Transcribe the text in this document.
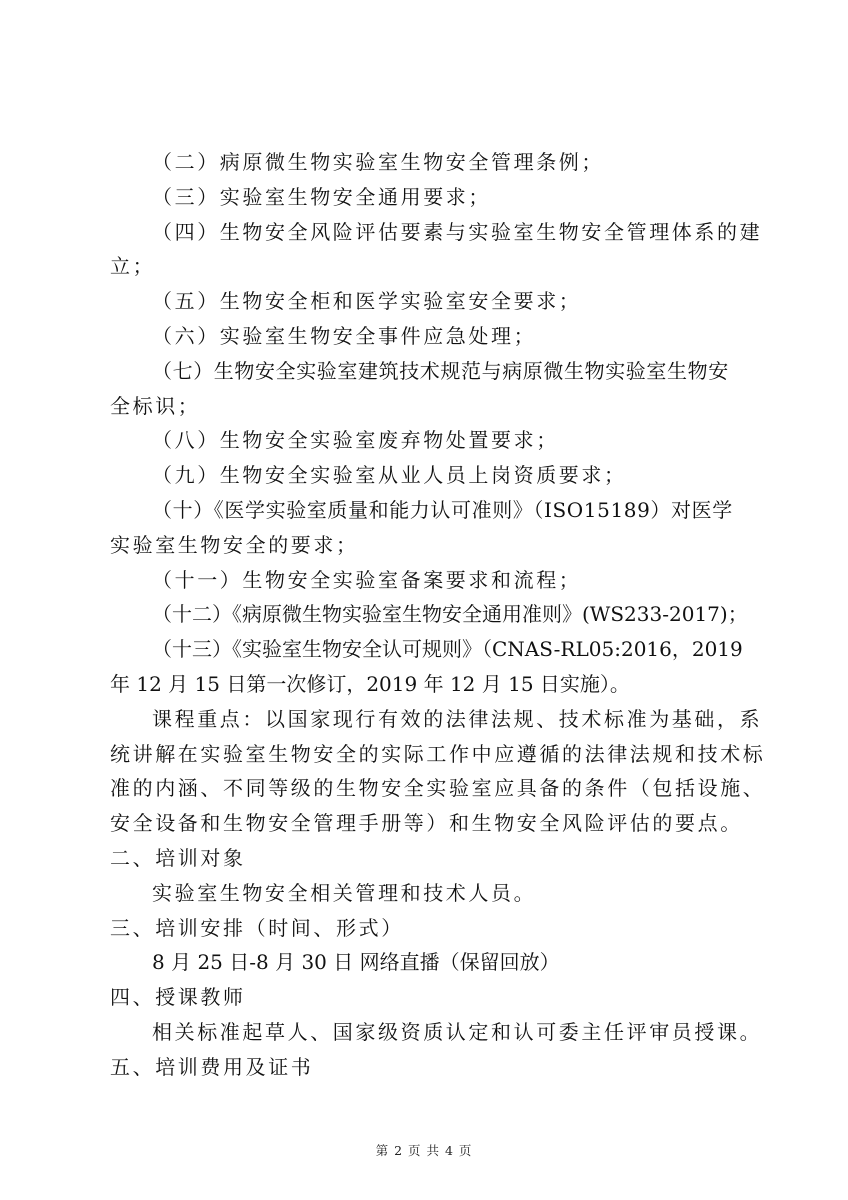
（二）病原微生物实验室生物安全管理条例；
（三）实验室生物安全通用要求；
（四）生物安全风险评估要素与实验室生物安全管理体系的建
立；
（五）生物安全柜和医学实验室安全要求；
（六）实验室生物安全事件应急处理；
（七）生物安全实验室建筑技术规范与病原微生物实验室生物安
全标识；
（八）生物安全实验室废弃物处置要求；
（九）生物安全实验室从业人员上岗资质要求；
（十）《医学实验室质量和能力认可准则》（ISO15189）对医学
实验室生物安全的要求；
（十一）生物安全实验室备案要求和流程；
（十二）《病原微生物实验室生物安全通用准则》(WS233-2017)；
（十三）《实验室生物安全认可规则》（CNAS-RL05:2016，2019
年 12 月 15 日第一次修订，2019 年 12 月 15 日实施）。
课程重点：以国家现行有效的法律法规、技术标准为基础，系
统讲解在实验室生物安全的实际工作中应遵循的法律法规和技术标
准的内涵、不同等级的生物安全实验室应具备的条件（包括设施、
安全设备和生物安全管理手册等）和生物安全风险评估的要点。
二、培训对象
实验室生物安全相关管理和技术人员。
三、培训安排（时间、形式）
8 月 25 日-8 月 30 日 网络直播（保留回放）
四、授课教师
相关标准起草人、国家级资质认定和认可委主任评审员授课。
五、培训费用及证书
第 2 页 共 4 页
